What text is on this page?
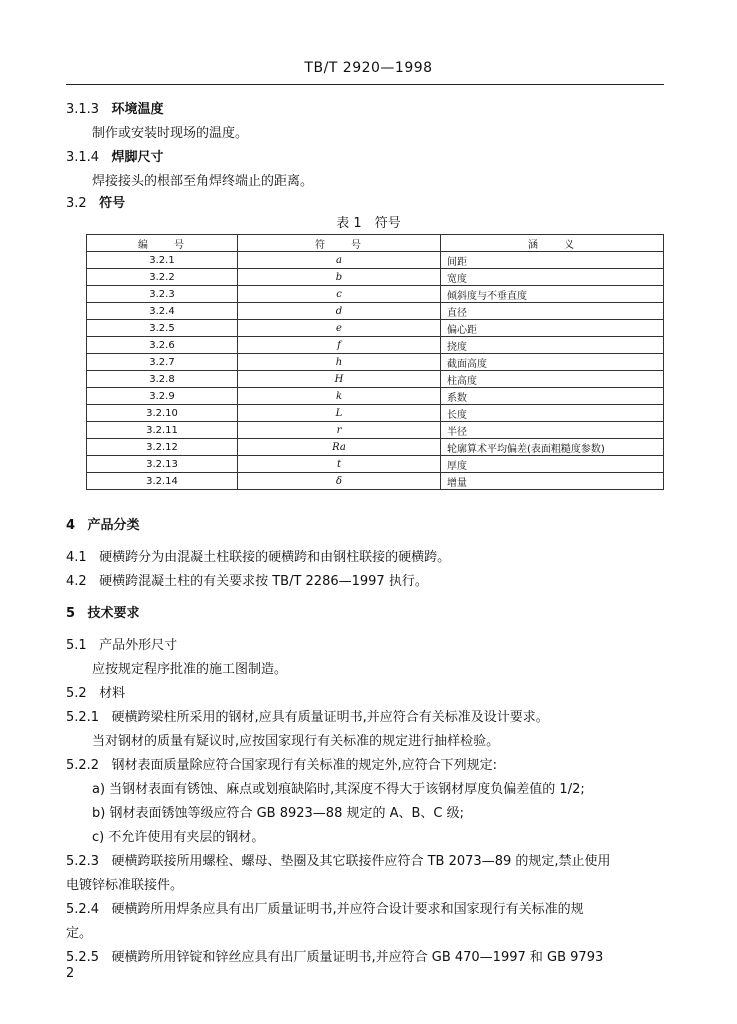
TB/T 2920—1998
3.1.3 环境温度
制作或安装时现场的温度。
3.1.4 焊脚尺寸
焊接接头的根部至角焊终端止的距离。
3.2 符号
表 1　符号
编　　号	符　　号	涵　　义
3.2.1	a	间距
3.2.2	b	宽度
3.2.3	c	倾斜度与不垂直度
3.2.4	d	直径
3.2.5	e	偏心距
3.2.6	f	挠度
3.2.7	h	截面高度
3.2.8	H	柱高度
3.2.9	k	系数
3.2.10	L	长度
3.2.11	r	半径
3.2.12	Ra	轮廓算术平均偏差(表面粗糙度参数)
3.2.13	t	厚度
3.2.14	δ	增量
4 产品分类
4.1 硬横跨分为由混凝土柱联接的硬横跨和由钢柱联接的硬横跨。
4.2 硬横跨混凝土柱的有关要求按 TB/T 2286—1997 执行。
5 技术要求
5.1 产品外形尺寸
应按规定程序批准的施工图制造。
5.2 材料
5.2.1 硬横跨梁柱所采用的钢材,应具有质量证明书,并应符合有关标准及设计要求。
当对钢材的质量有疑议时,应按国家现行有关标准的规定进行抽样检验。
5.2.2 钢材表面质量除应符合国家现行有关标准的规定外,应符合下列规定:
a) 当钢材表面有锈蚀、麻点或划痕缺陷时,其深度不得大于该钢材厚度负偏差值的 1/2;
b) 钢材表面锈蚀等级应符合 GB 8923—88 规定的 A、B、C 级;
c) 不允许使用有夹层的钢材。
5.2.3 硬横跨联接所用螺栓、螺母、垫圈及其它联接件应符合 TB 2073—89 的规定,禁止使用
电镀锌标准联接件。
5.2.4 硬横跨所用焊条应具有出厂质量证明书,并应符合设计要求和国家现行有关标准的规
定。
5.2.5 硬横跨所用锌锭和锌丝应具有出厂质量证明书,并应符合 GB 470—1997 和 GB 9793
2
